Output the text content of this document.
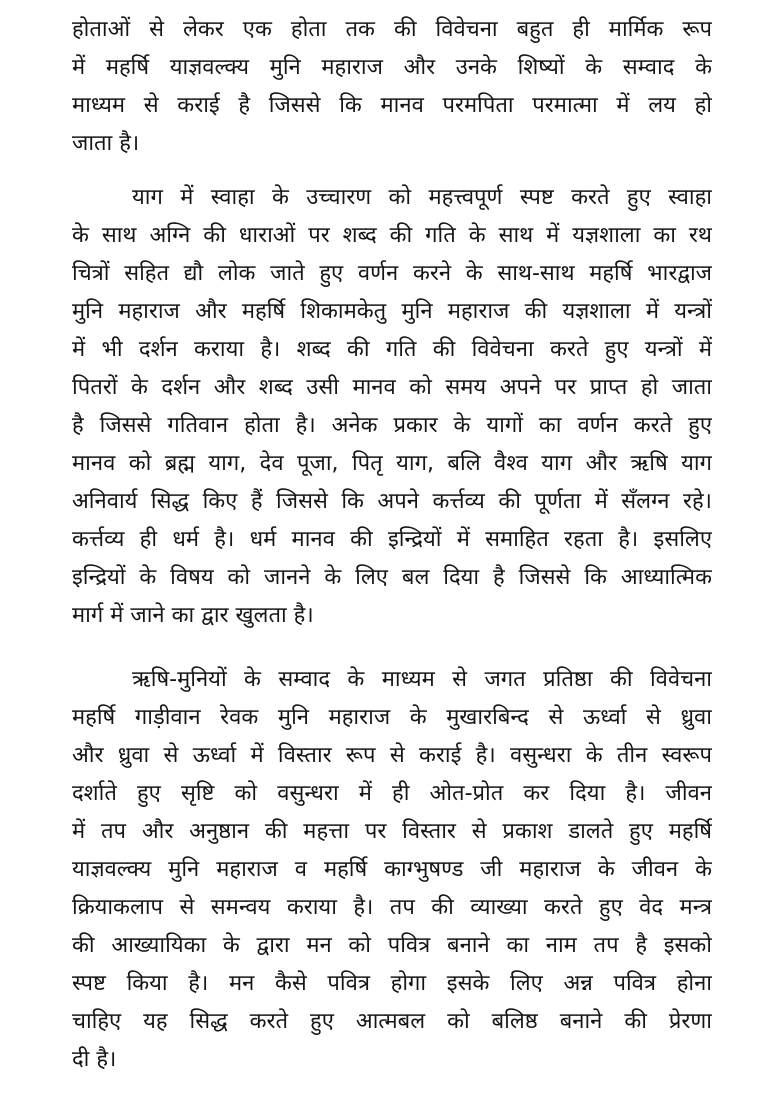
होताओं से लेकर एक होता तक की विवेचना बहुत ही मार्मिक रूप
में महर्षि याज्ञवल्क्य मुनि महाराज और उनके शिष्यों के सम्वाद के
माध्यम से कराई है जिससे कि मानव परमपिता परमात्मा में लय हो
जाता है।
याग में स्वाहा के उच्चारण को महत्त्वपूर्ण स्पष्ट करते हुए स्वाहा
के साथ अग्नि की धाराओं पर शब्द की गति के साथ में यज्ञशाला का रथ
चित्रों सहित द्यौ लोक जाते हुए वर्णन करने के साथ-साथ महर्षि भारद्वाज
मुनि महाराज और महर्षि शिकामकेतु मुनि महाराज की यज्ञशाला में यन्त्रों
में भी दर्शन कराया है। शब्द की गति की विवेचना करते हुए यन्त्रों में
पितरों के दर्शन और शब्द उसी मानव को समय अपने पर प्राप्त हो जाता
है जिससे गतिवान होता है। अनेक प्रकार के यागों का वर्णन करते हुए
मानव को ब्रह्म याग, देव पूजा, पितृ याग, बलि वैश्व याग और ऋषि याग
अनिवार्य सिद्ध किए हैं जिससे कि अपने कर्त्तव्य की पूर्णता में सँलग्न रहे।
कर्त्तव्य ही धर्म है। धर्म मानव की इन्द्रियों में समाहित रहता है। इसलिए
इन्द्रियों के विषय को जानने के लिए बल दिया है जिससे कि आध्यात्मिक
मार्ग में जाने का द्वार खुलता है।
ऋषि-मुनियों के सम्वाद के माध्यम से जगत प्रतिष्ठा की विवेचना
महर्षि गाड़ीवान रेवक मुनि महाराज के मुखारबिन्द से ऊर्ध्वा से ध्रुवा
और ध्रुवा से ऊर्ध्वा में विस्तार रूप से कराई है। वसुन्धरा के तीन स्वरूप
दर्शाते हुए सृष्टि को वसुन्धरा में ही ओत-प्रोत कर दिया है। जीवन
में तप और अनुष्ठान की महत्ता पर विस्तार से प्रकाश डालते हुए महर्षि
याज्ञवल्क्य मुनि महाराज व महर्षि काग्भुषण्ड जी महाराज के जीवन के
क्रियाकलाप से समन्वय कराया है। तप की व्याख्या करते हुए वेद मन्त्र
की आख्यायिका के द्वारा मन को पवित्र बनाने का नाम तप है इसको
स्पष्ट किया है। मन कैसे पवित्र होगा इसके लिए अन्न पवित्र होना
चाहिए यह सिद्ध करते हुए आत्मबल को बलिष्ठ बनाने की प्रेरणा
दी है।
